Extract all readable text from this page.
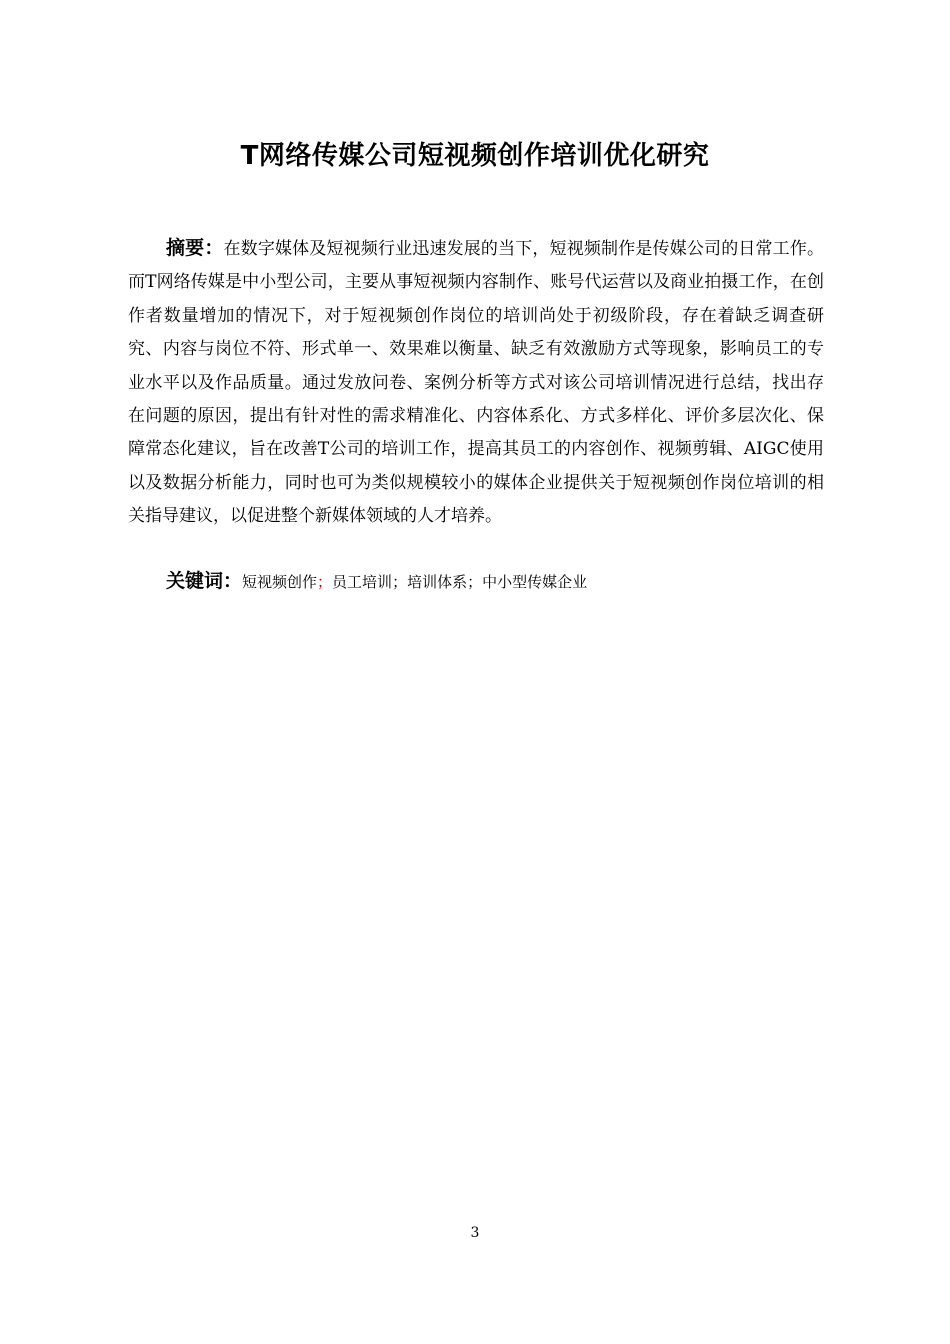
T网络传媒公司短视频创作培训优化研究

摘要：在数字媒体及短视频行业迅速发展的当下，短视频制作是传媒公司的日常工作。而T网络传媒是中小型公司，主要从事短视频内容制作、账号代运营以及商业拍摄工作，在创作者数量增加的情况下，对于短视频创作岗位的培训尚处于初级阶段，存在着缺乏调查研究、内容与岗位不符、形式单一、效果难以衡量、缺乏有效激励方式等现象，影响员工的专业水平以及作品质量。通过发放问卷、案例分析等方式对该公司培训情况进行总结，找出存在问题的原因，提出有针对性的需求精准化、内容体系化、方式多样化、评价多层次化、保障常态化建议，旨在改善T公司的培训工作，提高其员工的内容创作、视频剪辑、AIGC使用以及数据分析能力，同时也可为类似规模较小的媒体企业提供关于短视频创作岗位培训的相关指导建议，以促进整个新媒体领域的人才培养。

关键词：短视频创作；员工培训；培训体系；中小型传媒企业

3
